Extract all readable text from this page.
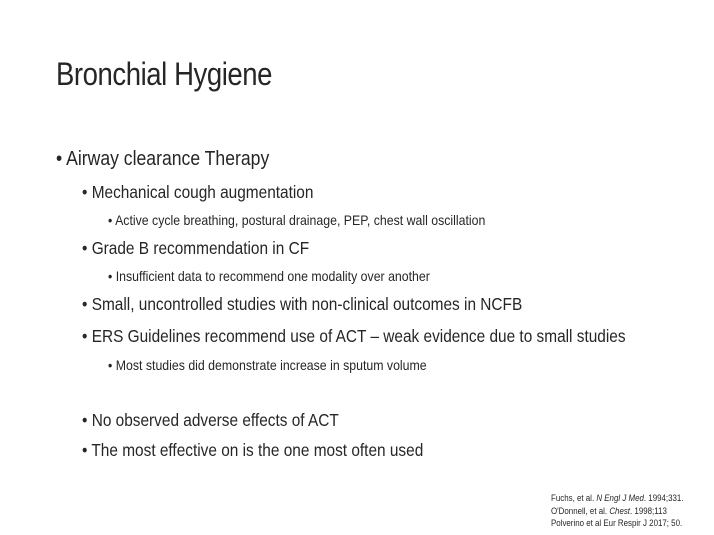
Bronchial Hygiene
• Airway clearance Therapy
• Mechanical cough augmentation
• Active cycle breathing, postural drainage, PEP, chest wall oscillation
• Grade B recommendation in CF
• Insufficient data to recommend one modality over another
• Small, uncontrolled studies with non-clinical outcomes in NCFB
• ERS Guidelines recommend use of ACT – weak evidence due to small studies
• Most studies did demonstrate increase in sputum volume
• No observed adverse effects of ACT
• The most effective on is the one most often used
Fuchs, et al. N Engl J Med. 1994;331.
O'Donnell, et al. Chest. 1998;113
Polverino et al Eur Respir J 2017; 50.
